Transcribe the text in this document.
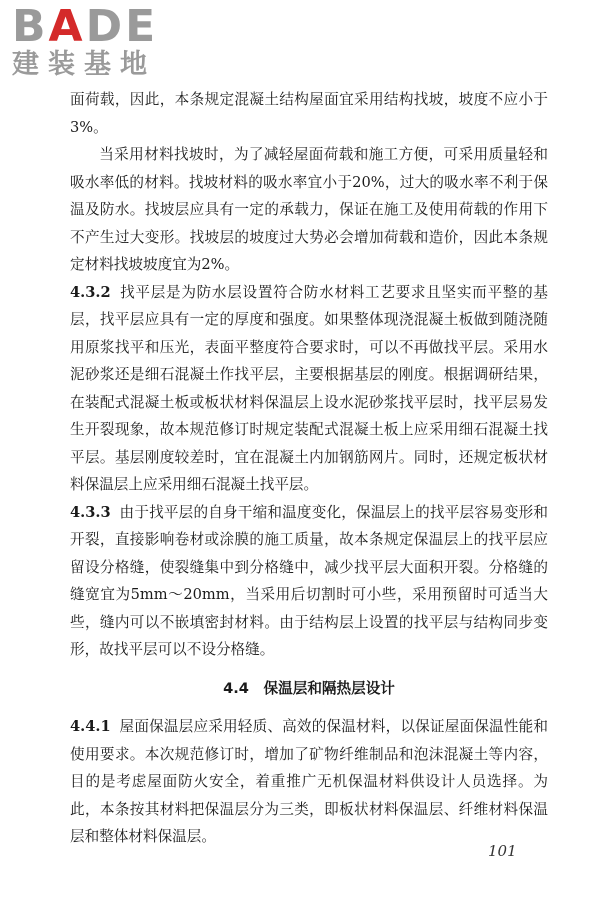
BADE
建装基地

面荷载，因此，本条规定混凝土结构屋面宜采用结构找坡，坡度不应小于3%。

当采用材料找坡时，为了减轻屋面荷载和施工方便，可采用质量轻和吸水率低的材料。找坡材料的吸水率宜小于20%，过大的吸水率不利于保温及防水。找坡层应具有一定的承载力，保证在施工及使用荷载的作用下不产生过大变形。找坡层的坡度过大势必会增加荷载和造价，因此本条规定材料找坡坡度宜为2%。

4.3.2 找平层是为防水层设置符合防水材料工艺要求且坚实而平整的基层，找平层应具有一定的厚度和强度。如果整体现浇混凝土板做到随浇随用原浆找平和压光，表面平整度符合要求时，可以不再做找平层。采用水泥砂浆还是细石混凝土作找平层，主要根据基层的刚度。根据调研结果，在装配式混凝土板或板状材料保温层上设水泥砂浆找平层时，找平层易发生开裂现象，故本规范修订时规定装配式混凝土板上应采用细石混凝土找平层。基层刚度较差时，宜在混凝土内加钢筋网片。同时，还规定板状材料保温层上应采用细石混凝土找平层。

4.3.3 由于找平层的自身干缩和温度变化，保温层上的找平层容易变形和开裂，直接影响卷材或涂膜的施工质量，故本条规定保温层上的找平层应留设分格缝，使裂缝集中到分格缝中，减少找平层大面积开裂。分格缝的缝宽宜为5mm～20mm，当采用后切割时可小些，采用预留时可适当大些，缝内可以不嵌填密封材料。由于结构层上设置的找平层与结构同步变形，故找平层可以不设分格缝。

4.4　保温层和隔热层设计

4.4.1 屋面保温层应采用轻质、高效的保温材料，以保证屋面保温性能和使用要求。本次规范修订时，增加了矿物纤维制品和泡沫混凝土等内容，目的是考虑屋面防火安全，着重推广无机保温材料供设计人员选择。为此，本条按其材料把保温层分为三类，即板状材料保温层、纤维材料保温层和整体材料保温层。

101
